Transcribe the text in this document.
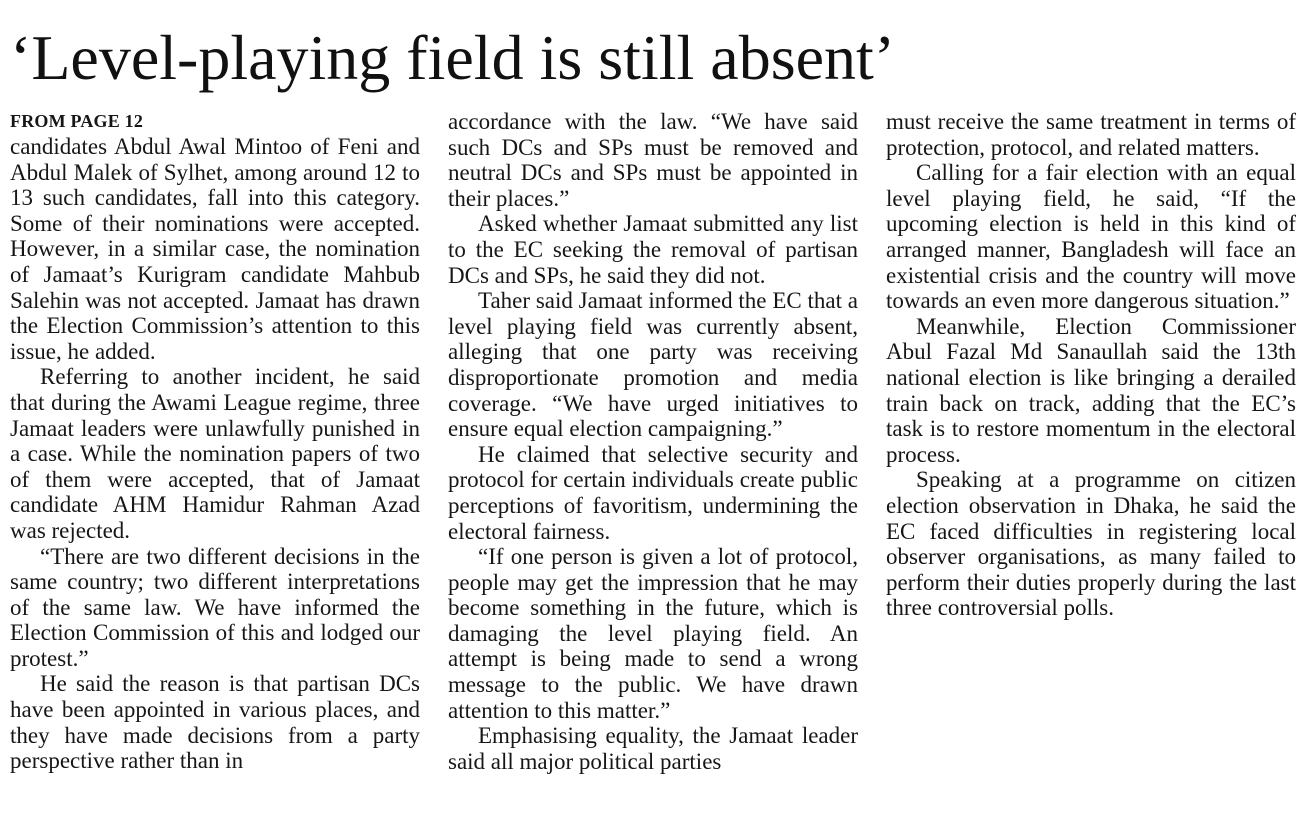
‘Level-playing field is still absent’
FROM PAGE 12

candidates Abdul Awal Mintoo of Feni and Abdul Malek of Sylhet, among around 12 to 13 such candidates, fall into this category. Some of their nominations were accepted. However, in a similar case, the nomination of Jamaat’s Kurigram candidate Mahbub Salehin was not accepted. Jamaat has drawn the Election Commission’s attention to this issue, he added.

Referring to another incident, he said that during the Awami League regime, three Jamaat leaders were unlawfully punished in a case. While the nomination papers of two of them were accepted, that of Jamaat candidate AHM Hamidur Rahman Azad was rejected.

“There are two different decisions in the same country; two different interpretations of the same law. We have informed the Election Commission of this and lodged our protest.”

He said the reason is that partisan DCs have been appointed in various places, and they have made decisions from a party perspective rather than in

accordance with the law. “We have said such DCs and SPs must be removed and neutral DCs and SPs must be appointed in their places.”

Asked whether Jamaat submitted any list to the EC seeking the removal of partisan DCs and SPs, he said they did not.

Taher said Jamaat informed the EC that a level playing field was currently absent, alleging that one party was receiving disproportionate promotion and media coverage. “We have urged initiatives to ensure equal election campaigning.”

He claimed that selective security and protocol for certain individuals create public perceptions of favoritism, undermining the electoral fairness.

“If one person is given a lot of protocol, people may get the impression that he may become something in the future, which is damaging the level playing field. An attempt is being made to send a wrong message to the public. We have drawn attention to this matter.”

Emphasising equality, the Jamaat leader said all major political parties

must receive the same treatment in terms of protection, protocol, and related matters.

Calling for a fair election with an equal level playing field, he said, “If the upcoming election is held in this kind of arranged manner, Bangladesh will face an existential crisis and the country will move towards an even more dangerous situation.”

Meanwhile, Election Commissioner Abul Fazal Md Sanaullah said the 13th national election is like bringing a derailed train back on track, adding that the EC’s task is to restore momentum in the electoral process.

Speaking at a programme on citizen election observation in Dhaka, he said the EC faced difficulties in registering local observer organisations, as many failed to perform their duties properly during the last three controversial polls.
